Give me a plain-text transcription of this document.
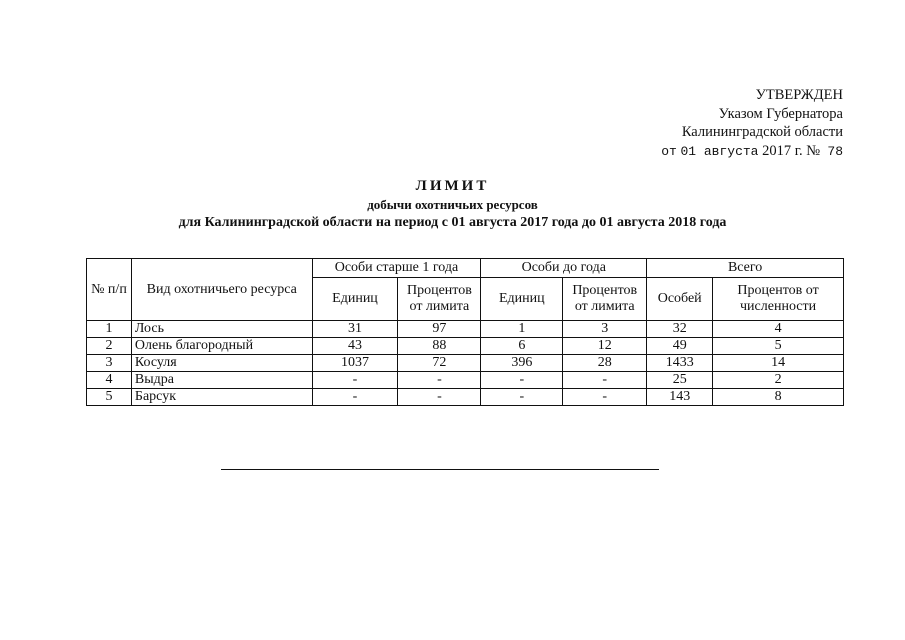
УТВЕРЖДЕН
Указом Губернатора
Калининградской области
от 01 августа 2017 г. № 78
ЛИМИТ
добычи охотничьих ресурсов
для Калининградской области на период с 01 августа 2017 года до 01 августа 2018 года
№ п/п	Вид охотничьего ресурса	Особи старше 1 года		Особи до года		Всего	
		Единиц	Процентов от лимита	Единиц	Процентов от лимита	Особей	Процентов от численности
1	Лось	31	97	1	3	32	4
2	Олень благородный	43	88	6	12	49	5
3	Косуля	1037	72	396	28	1433	14
4	Выдра	-	-	-	-	25	2
5	Барсук	-	-	-	-	143	8
